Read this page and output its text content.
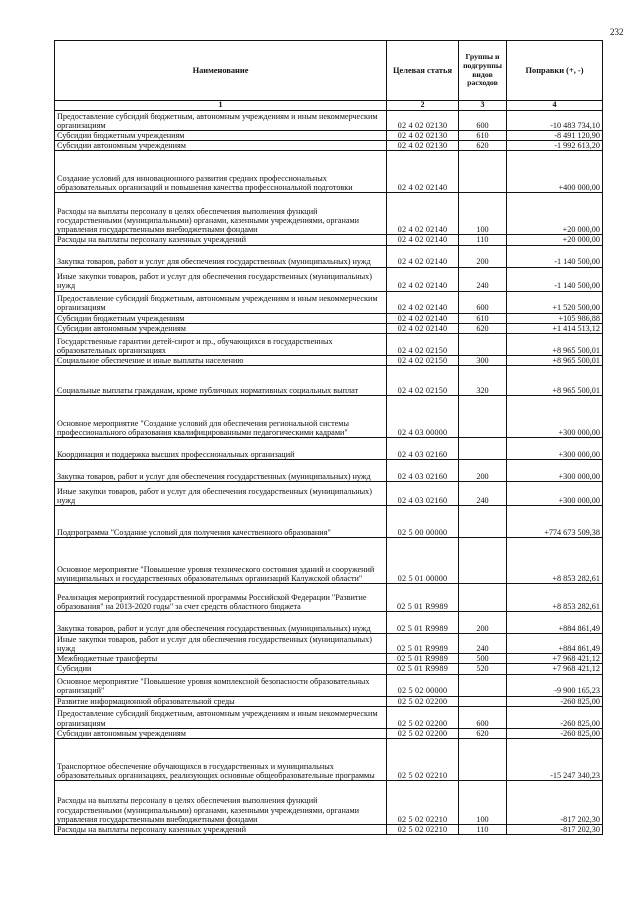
232
Наименование	Целевая статья	Группы и подгруппы видов расходов	Поправки (+, -)
1	2	3	4
Предоставление субсидий бюджетным, автономным учреждениям и иным некоммерческим организациям	02 4 02 02130	600	-10 483 734,10
Субсидии бюджетным учреждениям	02 4 02 02130	610	-8 491 120,90
Субсидии автономным учреждениям	02 4 02 02130	620	-1 992 613,20
Создание условий для инновационного развития средних профессиональных образовательных организаций и повышения качества профессиональной подготовки	02 4 02 02140		+400 000,00
Расходы на выплаты персоналу в целях обеспечения выполнения функций государственными (муниципальными) органами, казенными учреждениями, органами управления государственными внебюджетными фондами	02 4 02 02140	100	+20 000,00
Расходы на выплаты персоналу казенных учреждений	02 4 02 02140	110	+20 000,00
Закупка товаров, работ и услуг для обеспечения государственных (муниципальных) нужд	02 4 02 02140	200	-1 140 500,00
Иные закупки товаров, работ и услуг для обеспечения государственных (муниципальных) нужд	02 4 02 02140	240	-1 140 500,00
Предоставление субсидий бюджетным, автономным учреждениям и иным некоммерческим организациям	02 4 02 02140	600	+1 520 500,00
Субсидии бюджетным учреждениям	02 4 02 02140	610	+105 986,88
Субсидии автономным учреждениям	02 4 02 02140	620	+1 414 513,12
Государственные гарантии детей-сирот и пр., обучающихся в государственных образовательных организациях	02 4 02 02150		+8 965 500,01
Социальное обеспечение и иные выплаты населению	02 4 02 02150	300	+8 965 500,01
Социальные выплаты гражданам, кроме публичных нормативных социальных выплат	02 4 02 02150	320	+8 965 500,01
Основное мероприятие "Создание условий для обеспечения региональной системы профессионального образования квалифицированными педагогическими кадрами"	02 4 03 00000		+300 000,00
Координация и поддержка высших профессиональных организаций	02 4 03 02160		+300 000,00
Закупка товаров, работ и услуг для обеспечения государственных (муниципальных) нужд	02 4 03 02160	200	+300 000,00
Иные закупки товаров, работ и услуг для обеспечения государственных (муниципальных) нужд	02 4 03 02160	240	+300 000,00
Подпрограмма "Создание условий для получения качественного образования"	02 5 00 00000		+774 673 509,38
Основное мероприятие "Повышение уровня технического состояния зданий и сооружений муниципальных и государственных образовательных организаций Калужской области"	02 5 01 00000		+8 853 282,61
Реализация мероприятий государственной программы Российской Федерации "Развитие образования" на 2013-2020 годы" за счет средств областного бюджета	02 5 01 R9989		+8 853 282,61
Закупка товаров, работ и услуг для обеспечения государственных (муниципальных) нужд	02 5 01 R9989	200	+884 861,49
Иные закупки товаров, работ и услуг для обеспечения государственных (муниципальных) нужд	02 5 01 R9989	240	+884 861,49
Межбюджетные трансферты	02 5 01 R9989	500	+7 968 421,12
Субсидии	02 5 01 R9989	520	+7 968 421,12
Основное мероприятие "Повышение уровня комплексной безопасности образовательных организаций"	02 5 02 00000		-9 900 165,23
Развитие информационной образовательной среды	02 5 02 02200		-260 825,00
Предоставление субсидий бюджетным, автономным учреждениям и иным некоммерческим организациям	02 5 02 02200	600	-260 825,00
Субсидии автономным учреждениям	02 5 02 02200	620	-260 825,00
Транспортное обеспечение обучающихся в государственных и муниципальных образовательных организациях, реализующих основные общеобразовательные программы	02 5 02 02210		-15 247 340,23
Расходы на выплаты персоналу в целях обеспечения выполнения функций государственными (муниципальными) органами, казенными учреждениями, органами управления государственными внебюджетными фондами	02 5 02 02210	100	-817 202,30
Расходы на выплаты персоналу казенных учреждений	02 5 02 02210	110	-817 202,30
